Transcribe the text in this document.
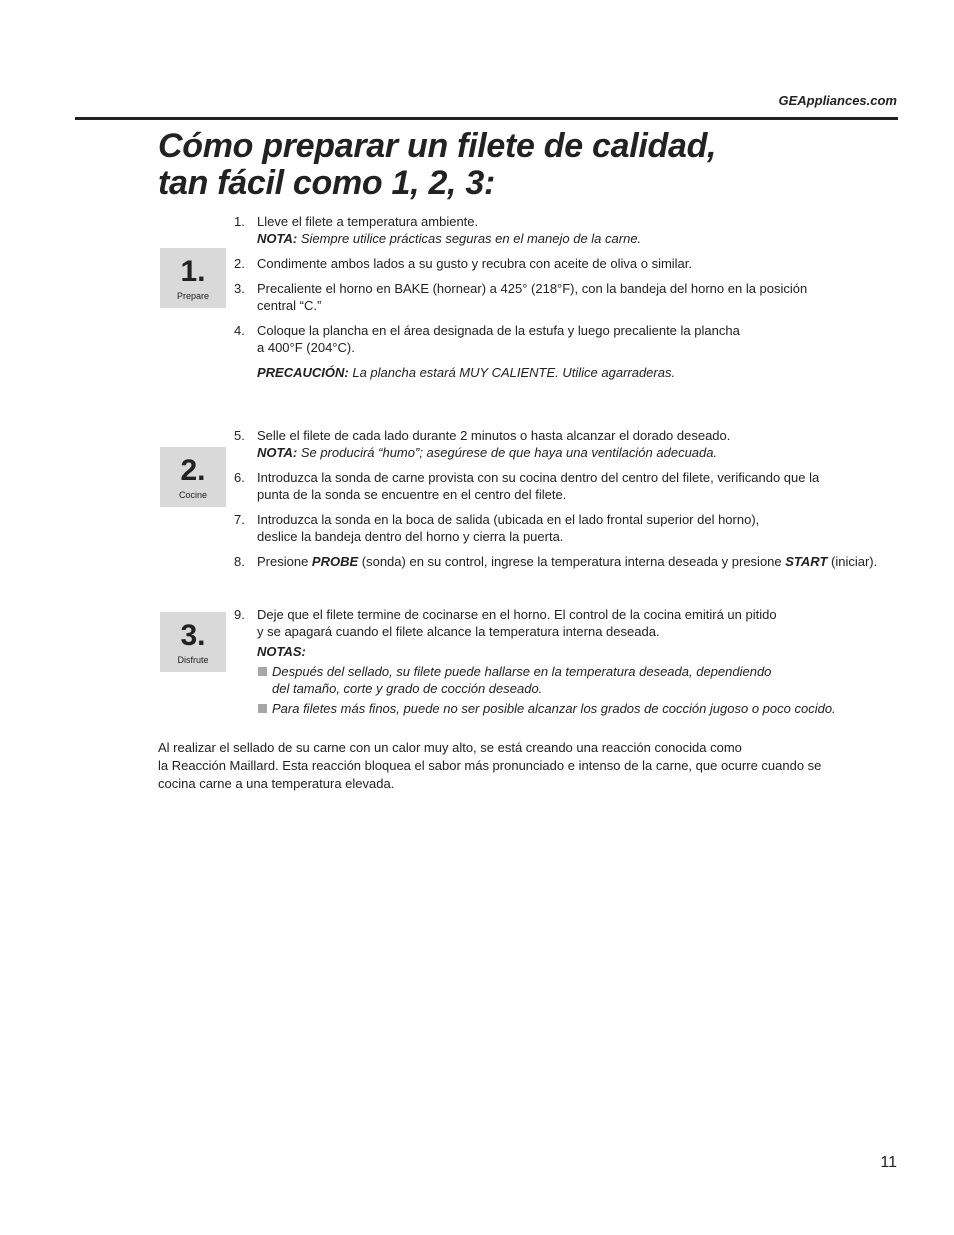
GEAppliances.com
Cómo preparar un filete de calidad,
tan fácil como 1, 2, 3:
1.
Prepare
2.
Cocine
3.
Disfrute
1. Lleve el filete a temperatura ambiente.
NOTA: Siempre utilice prácticas seguras en el manejo de la carne.
2. Condimente ambos lados a su gusto y recubra con aceite de oliva o similar.
3. Precaliente el horno en BAKE (hornear) a 425° (218°F), con la bandeja del horno en la posición
central “C.”
4. Coloque la plancha en el área designada de la estufa y luego precaliente la plancha
a 400°F (204°C).
PRECAUCIÓN: La plancha estará MUY CALIENTE. Utilice agarraderas.
5. Selle el filete de cada lado durante 2 minutos o hasta alcanzar el dorado deseado.
NOTA: Se producirá “humo”; asegúrese de que haya una ventilación adecuada.
6. Introduzca la sonda de carne provista con su cocina dentro del centro del filete, verificando que la
punta de la sonda se encuentre en el centro del filete.
7. Introduzca la sonda en la boca de salida (ubicada en el lado frontal superior del horno),
deslice la bandeja dentro del horno y cierra la puerta.
8. Presione PROBE (sonda) en su control, ingrese la temperatura interna deseada y presione START (iniciar).
9. Deje que el filete termine de cocinarse en el horno. El control de la cocina emitirá un pitido
y se apagará cuando el filete alcance la temperatura interna deseada.
NOTAS:
Después del sellado, su filete puede hallarse en la temperatura deseada, dependiendo
del tamaño, corte y grado de cocción deseado.
Para filetes más finos, puede no ser posible alcanzar los grados de cocción jugoso o poco cocido.

Al realizar el sellado de su carne con un calor muy alto, se está creando una reacción conocida como
la Reacción Maillard. Esta reacción bloquea el sabor más pronunciado e intenso de la carne, que ocurre cuando se
cocina carne a una temperatura elevada.

11
